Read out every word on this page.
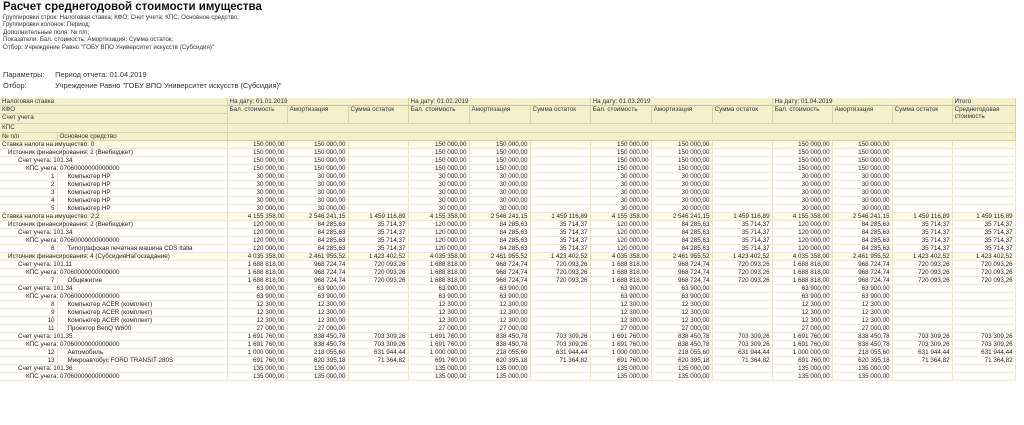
Расчет среднегодовой стоимости имущества
Группировки строк: Налоговая ставка; КФО; Счет учета; КПС; Основное средство;
Группировки колонок: Период;
Дополнительные поля: № п/п;
Показатели: Бал. стоимость; Амортизация; Сумма остаток;
Отбор: Учреждение Равно "ГОБУ ВПО Университет искусств (Субсидия)"
Параметры: Период отчета: 01.04.2019
Отбор:	Учреждение Равно "ГОБУ ВПО Университет искусств (Субсидия)"
Налоговая ставка		На дату: 01.01.2019			На дату: 01.02.2019			На дату: 01.03.2019			На дату: 01.04.2019			Итого
КФО		Бал. стоимость	Амортизация	Сумма остаток	Бал. стоимость	Амортизация	Сумма остаток	Бал. стоимость	Амортизация	Сумма остаток	Бал. стоимость	Амортизация	Сумма остаток	Среднегодовая стоимость
Счет учета														
КПС														
№ п/п	Основное средство													
Ставка налога на имущество: 0		150 000,00	150 000,00		150 000,00	150 000,00		150 000,00	150 000,00		150 000,00	150 000,00		
Источник финансирования: 2 (Внебюджет)		150 000,00	150 000,00		150 000,00	150 000,00		150 000,00	150 000,00		150 000,00	150 000,00		
Счет учета: 101.34		150 000,00	150 000,00		150 000,00	150 000,00		150 000,00	150 000,00		150 000,00	150 000,00		
КПС учета: 07060000000000000		150 000,00	150 000,00		150 000,00	150 000,00		150 000,00	150 000,00		150 000,00	150 000,00		
1	Компьютер HP	30 000,00	30 000,00		30 000,00	30 000,00		30 000,00	30 000,00		30 000,00	30 000,00		
2	Компьютер HP	30 000,00	30 000,00		30 000,00	30 000,00		30 000,00	30 000,00		30 000,00	30 000,00		
3	Компьютер HP	30 000,00	30 000,00		30 000,00	30 000,00		30 000,00	30 000,00		30 000,00	30 000,00		
4	Компьютер HP	30 000,00	30 000,00		30 000,00	30 000,00		30 000,00	30 000,00		30 000,00	30 000,00		
5	Компьютер HP	30 000,00	30 000,00		30 000,00	30 000,00		30 000,00	30 000,00		30 000,00	30 000,00		
Ставка налога на имущество: 2,2		4 155 358,00	2 546 241,15	1 459 116,89	4 155 358,00	2 546 241,15	1 459 116,89	4 155 358,00	2 546 241,15	1 459 116,89	4 155 358,00	2 546 241,15	1 459 116,89	1 459 116,89
Источник финансирования: 2 (Внебюджет)		120 000,00	84 285,63	35 714,37	120 000,00	84 285,63	35 714,37	120 000,00	84 285,63	35 714,37	120 000,00	84 285,63	35 714,37	35 714,37
Счет учета: 101.34		120 000,00	84 285,63	35 714,37	120 000,00	84 285,63	35 714,37	120 000,00	84 285,63	35 714,37	120 000,00	84 285,63	35 714,37	35 714,37
КПС учета: 07060000000000000		120 000,00	84 285,63	35 714,37	120 000,00	84 285,63	35 714,37	120 000,00	84 285,63	35 714,37	120 000,00	84 285,63	35 714,37	35 714,37
6	Типографская печатная машина CDS Italia	120 000,00	84 285,63	35 714,37	120 000,00	84 285,63	35 714,37	120 000,00	84 285,63	35 714,37	120 000,00	84 285,63	35 714,37	35 714,37
Источник финансирования: 4 (СубсидияНаГосзадание)		4 035 358,00	2 461 955,52	1 423 402,52	4 035 358,00	2 461 955,52	1 423 402,52	4 035 358,00	2 461 955,52	1 423 402,52	4 035 358,00	2 461 955,52	1 423 402,52	1 423 402,52
Счет учета: 101.11		1 688 818,00	968 724,74	720 093,26	1 688 818,00	968 724,74	720 093,26	1 688 818,00	968 724,74	720 093,26	1 688 818,00	968 724,74	720 093,26	720 093,26
КПС учета: 07060000000000000		1 688 818,00	968 724,74	720 093,26	1 688 818,00	968 724,74	720 093,26	1 688 818,00	968 724,74	720 093,26	1 688 818,00	968 724,74	720 093,26	720 093,26
7	Общежитие	1 688 818,00	968 724,74	720 093,26	1 688 818,00	968 724,74	720 093,26	1 688 818,00	968 724,74	720 093,26	1 688 818,00	968 724,74	720 093,26	720 093,26
Счет учета: 101.34		63 900,00	63 900,00		63 900,00	63 900,00		63 900,00	63 900,00		63 900,00	63 900,00		
КПС учета: 07060000000000000		63 900,00	63 900,00		63 900,00	63 900,00		63 900,00	63 900,00		63 900,00	63 900,00		
8	Компьютер ACER (комплект)	12 300,00	12 300,00		12 300,00	12 300,00		12 300,00	12 300,00		12 300,00	12 300,00		
9	Компьютер ACER (комплект)	12 300,00	12 300,00		12 300,00	12 300,00		12 300,00	12 300,00		12 300,00	12 300,00		
10	Компьютер ACER (комплект)	12 300,00	12 300,00		12 300,00	12 300,00		12 300,00	12 300,00		12 300,00	12 300,00		
11	Проектор BenQ W600	27 000,00	27 000,00		27 000,00	27 000,00		27 000,00	27 000,00		27 000,00	27 000,00		
Счет учета: 101.35		1 691 760,00	838 450,78	703 309,26	1 691 760,00	838 450,78	703 309,26	1 691 760,00	838 450,78	703 309,26	1 691 760,00	838 450,78	703 309,26	703 309,26
КПС учета: 07060000000000000		1 691 760,00	838 450,78	703 309,26	1 691 760,00	838 450,78	703 309,26	1 691 760,00	838 450,78	703 309,26	1 691 760,00	838 450,78	703 309,26	703 309,26
12	Автомобиль	1 000 000,00	218 055,60	631 944,44	1 000 000,00	218 055,60	631 944,44	1 000 000,00	218 055,60	631 944,44	1 000 000,00	218 055,60	631 944,44	631 944,44
13	Микроавтобус FORD TRANSIT 280S	691 760,00	620 395,18	71 364,82	691 760,00	620 395,18	71 364,82	691 760,00	620 395,18	71 364,82	691 760,00	620 395,18	71 364,82	71 364,82
Счет учета: 101.36		135 000,00	135 000,00		135 000,00	135 000,00		135 000,00	135 000,00		135 000,00	135 000,00		
КПС учета: 07060000000000000		135 000,00	135 000,00		135 000,00	135 000,00		135 000,00	135 000,00		135 000,00	135 000,00		
